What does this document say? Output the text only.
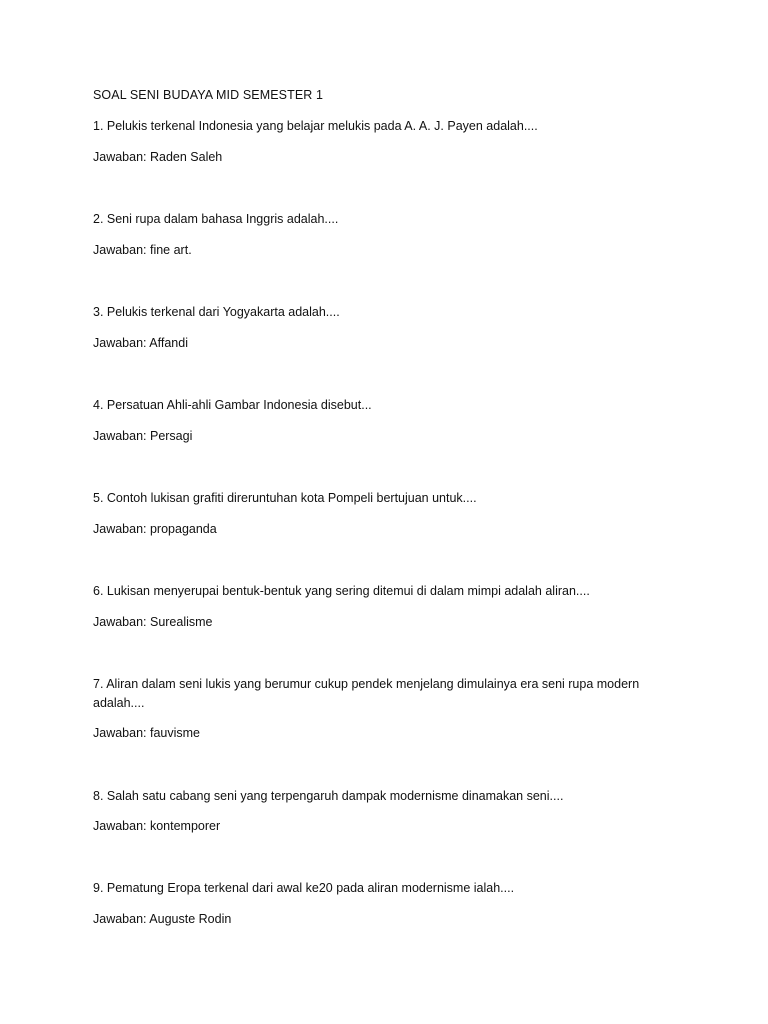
SOAL SENI BUDAYA MID SEMESTER 1

1. Pelukis terkenal Indonesia yang belajar melukis pada A. A. J. Payen adalah....

Jawaban: Raden Saleh

2. Seni rupa dalam bahasa Inggris adalah....

Jawaban: fine art.

3. Pelukis terkenal dari Yogyakarta adalah....

Jawaban: Affandi

4. Persatuan Ahli-ahli Gambar Indonesia disebut...

Jawaban: Persagi

5. Contoh lukisan grafiti direruntuhan kota Pompeli bertujuan untuk....

Jawaban: propaganda

6. Lukisan menyerupai bentuk-bentuk yang sering ditemui di dalam mimpi adalah aliran....

Jawaban: Surealisme

7. Aliran dalam seni lukis yang berumur cukup pendek menjelang dimulainya era seni rupa modern adalah....

Jawaban: fauvisme

8. Salah satu cabang seni yang terpengaruh dampak modernisme dinamakan seni....

Jawaban: kontemporer

9. Pematung Eropa terkenal dari awal ke20 pada aliran modernisme ialah....

Jawaban: Auguste Rodin
